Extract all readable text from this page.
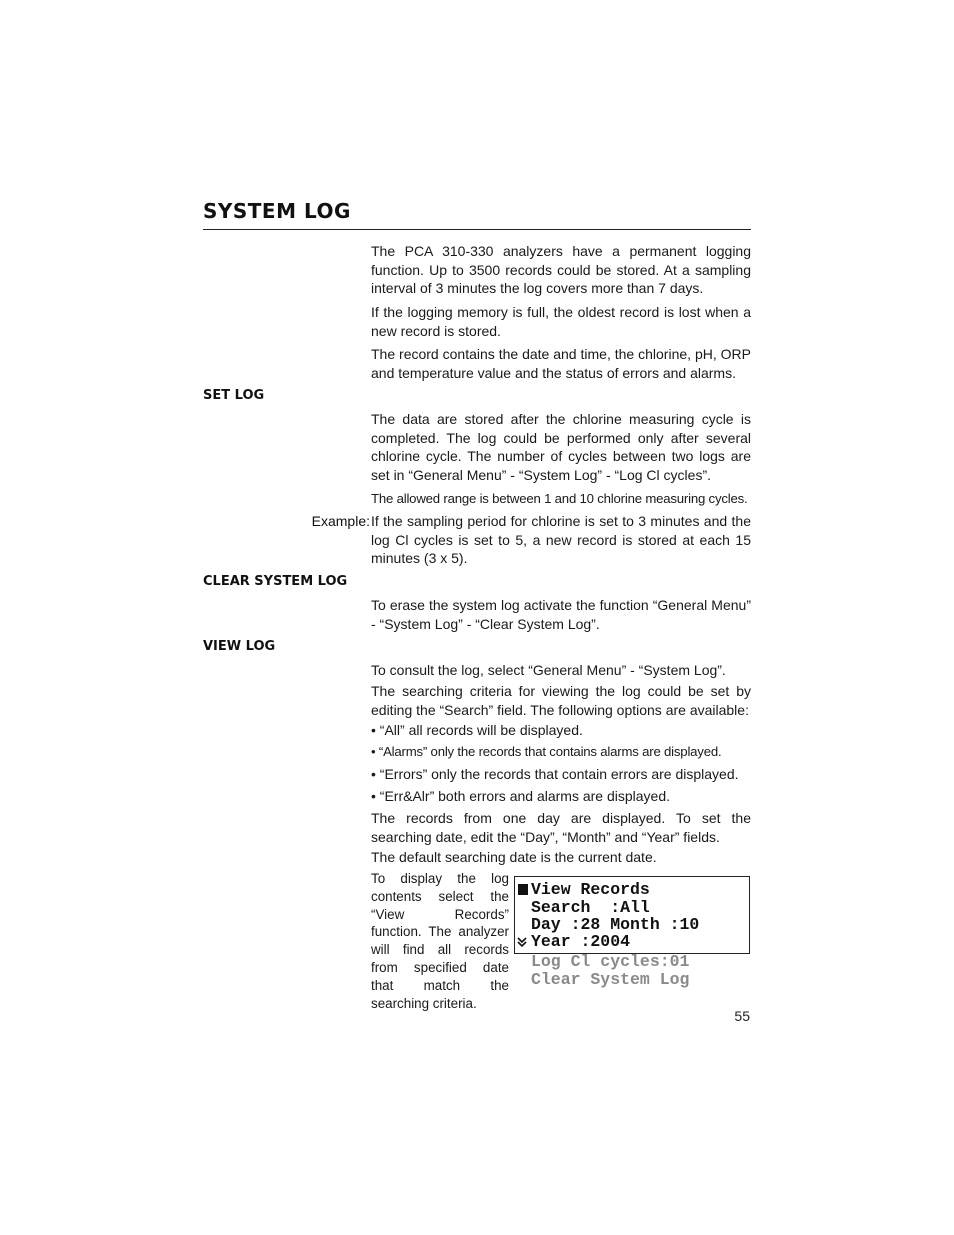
SYSTEM LOG

The PCA 310-330 analyzers have a permanent logging function. Up to 3500 records could be stored. At a sampling interval of 3 minutes the log covers more than 7 days.

If the logging memory is full, the oldest record is lost when a new record is stored.

The record contains the date and time, the chlorine, pH, ORP and temperature value and the status of errors and alarms.

SET LOG

The data are stored after the chlorine measuring cycle is completed. The log could be performed only after several chlorine cycle. The number of cycles between two logs are set in “General Menu” - “System Log” - “Log Cl cycles”.

The allowed range is between 1 and 10 chlorine measuring cycles.

Example: If the sampling period for chlorine is set to 3 minutes and the log Cl cycles is set to 5, a new record is stored at each 15 minutes (3 x 5).

CLEAR SYSTEM LOG

To erase the system log activate the function “General Menu” - “System Log” - “Clear System Log”.

VIEW LOG

To consult the log, select “General Menu” - “System Log”.

The searching criteria for viewing the log could be set by editing the “Search” field. The following options are available:

• “All” all records will be displayed.

• “Alarms” only the records that contains alarms are displayed.

• “Errors” only the records that contain errors are displayed.

• “Err&Alr” both errors and alarms are displayed.

The records from one day are displayed. To set the searching date, edit the “Day”, “Month” and “Year” fields.

The default searching date is the current date.

To display the log contents select the “View Records” function. The analyzer will find all records from specified date that match the searching criteria.

View Records

Search  :All

Day :28 Month :10

Year :2004

Log Cl cycles:01

Clear System Log

55
